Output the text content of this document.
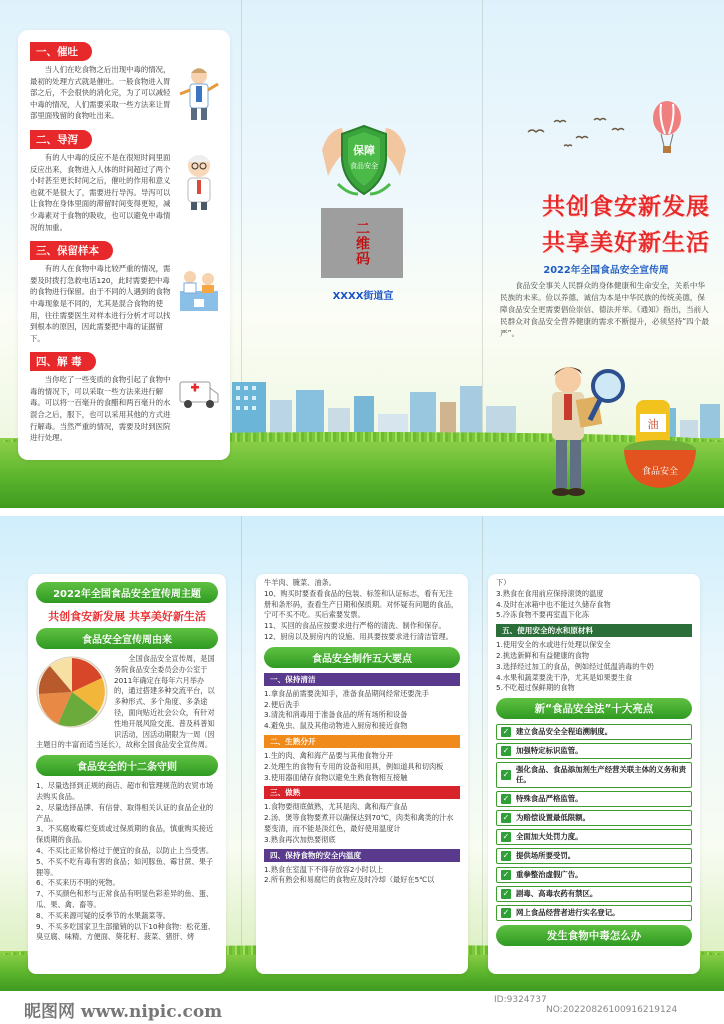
一、催吐
当人们在吃食物之后出现中毒的情况，最初的处理方式就是催吐。一般食物进入胃部之后，不会很快的消化完，为了可以减轻中毒的情况，人们需要采取一些方法来让胃部里面残留的食物吐出来。
二、导泻
有的人中毒的反应不是在很短时间里面反应出来，食物进入人体的时间超过了两个小时甚至更长时间之后，催吐的作用和意义也就不是很大了，需要进行导泻。导泻可以让食物在身体里面的滞留时间变得更短，减少毒素对于食物的吸收，也可以避免中毒情况的加重。
三、保留样本
有的人在食物中毒比较严重的情况，需要及时拨打急救电话120，此时需要把中毒的食物进行保留。由于不同的人遇到的食物中毒现象是不同的，尤其是混合食物的使用，往往需要医生对样本进行分析才可以找到根本的原因，因此需要把中毒的证据留下。
四、解 毒
当你吃了一些变质的食物引起了食物中毒的情况下，可以采取一些方法来进行解毒。可以将一百毫升的食醋和两百毫升的水混合之后，服下，也可以采用其他的方式进行解毒。当然严重的情况，需要及时到医院进行处理。
保障
食品安全
二维码
XXXX街道宣
共创食安新发展
共享美好新生活
2022年全国食品安全宣传周
食品安全事关人民群众的身体健康和生命安全，关系中华民族的未来。俭以养德、诚信为本是中华民族的传统美德，保障食品安全更需要倡俭崇信、德法并举。《通知》指出，当前人民群众对食品安全营养健康的需求不断提升，必须坚持“四个最严”。
油
食品安全
2022年全国食品安全宣传周主题
共创食安新发展 共享美好新生活
食品安全宣传周由来
全国食品安全宣传周，是国务院食品安全委员会办公室于2011年确定在每年六月举办的，通过搭建多种交流平台，以多种形式、多个角度、多条途径，面向贴近社会公众，有针对性地开展风险交流、普及科普知识活动，因活动期限为一周（因主题日的丰富而适当延长），故称全国食品安全宣传周。
食品安全的十二条守则

1、尽量选择到正规的商店、超市和管理规范的农贸市场去购买食品。

2、尽量选择品牌、有信誉、取得相关认证的食品企业的产品。

3、不买腐败霉烂变质或过保质期的食品，慎重购买接近保质期的食品。

4、不买比正常价格过于便宜的食品，以防止上当受害。

5、不买不吃有毒有害的食品；如河豚鱼、霉甘蔗、果子狸等。

6、不买来历不明的死物。

7、不买颜色和形与正常食品有明显色彩差异的鱼、蛋、瓜、果、禽、畜等。

8、不买来源可疑的反季节的水果蔬菜等。

9、不买多吃国家卫生部撤销的以下10种食物：松花蛋、臭豆腐、味精、方便面、葵花籽、菠菜、猪肝、烤

牛羊肉、腌菜、油条。

10、购买时要查看食品的包装、标签和认证标志，看有无注册和条形码，查看生产日期和保质期。对怀疑有问题的食品，宁可不买不吃。买后索要发票。

11、买回的食品应按要求进行严格的清洗、制作和保存。

12、厨房以及厨房内的设施、用具要按要求进行清洁管理。

食品安全制作五大要点
一、保持清洁

1.拿食品前需要洗知手，准备食品期间经常还要洗手

2.便后洗手

3.清洗和消毒用于准备食品的所有场所和设备

4.避免虫、鼠及其他动物进入厨房和接近食物

二、生熟分开

1.生的肉、禽和海产品要与其他食物分开

2.处理生的食物有专用的设备和用具，例如道具和切肉板

3.使用器皿储存食物以避免生熟食物相互接触

三、做熟

1.食物要彻底做熟，尤其是肉、禽和海产食品

2.汤、煲等食物要煮开以确保达到70℃，肉类和禽类的汁水要变清，而不能是淡红色，最好使用温度计

3.熟食再次加热要彻底

四、保持食物的安全内温度

1.熟食在室温下不得存放容2小时以上

2.所有熟会和易腐烂的食物应及时冷却（最好在5℃以

下）

3.熟食在食用前应保持滚烫的温度

4.及时在冰箱中也不能过久储存食物

5.冷冻食物不要再室温下化冻

五、使用安全的水和原材料

1.使用安全的水或进行处理以保安全

2.挑选新鲜和有益健康的食物

3.选择经过加工的食品，例如经过低温消毒的牛奶

4.水果和蔬菜要洗干净，尤其是如果要生食

5.不吃超过保鲜期的食物

新“食品安全法”十大亮点
✓ 建立食品安全全程追溯制度。
✓ 加强特定标识监管。
✓
强化食品、食品添加剂生产经营关联主体的义务和责任。
✓ 特殊食品严格监管。
✓ 为赔偿设置最低限额。
✓ 全面加大处罚力度。
✓ 提供场所要受罚。
✓ 重拳整治虚假广告。
✓ 剧毒、高毒农药有禁区。
✓ 网上食品经营者进行实名登记。
发生食物中毒怎么办
昵图网 www.nipic.com
ID:9324737
NO:20220826100916219124
